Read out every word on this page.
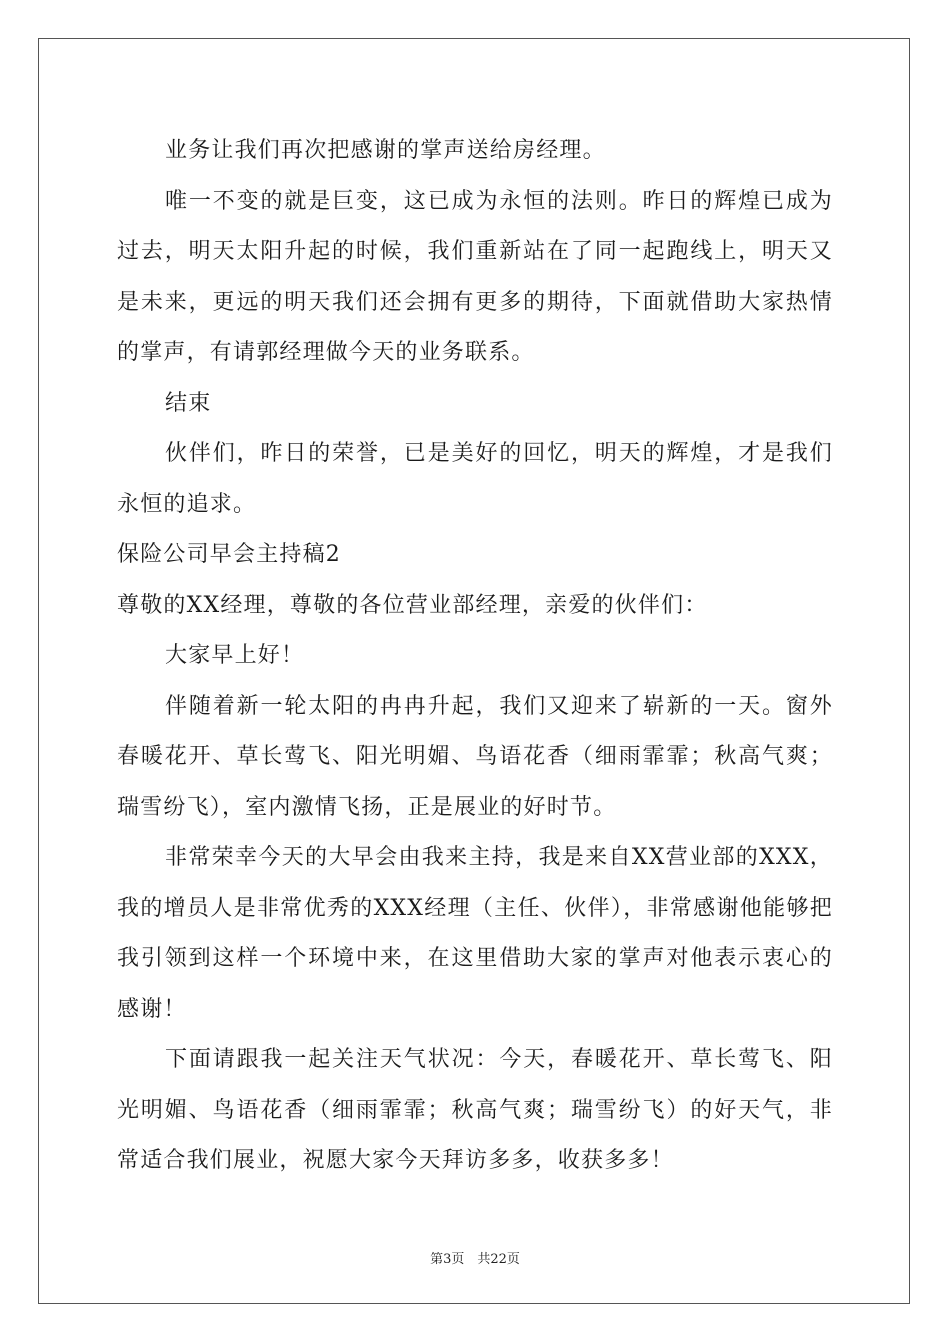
业务让我们再次把感谢的掌声送给房经理。

唯一不变的就是巨变，这已成为永恒的法则。昨日的辉煌已成为过去，明天太阳升起的时候，我们重新站在了同一起跑线上，明天又是未来，更远的明天我们还会拥有更多的期待，下面就借助大家热情的掌声，有请郭经理做今天的业务联系。

结束

伙伴们，昨日的荣誉，已是美好的回忆，明天的辉煌，才是我们永恒的追求。

保险公司早会主持稿2

尊敬的XX经理，尊敬的各位营业部经理，亲爱的伙伴们：

大家早上好！

伴随着新一轮太阳的冉冉升起，我们又迎来了崭新的一天。窗外春暖花开、草长莺飞、阳光明媚、鸟语花香（细雨霏霏；秋高气爽；瑞雪纷飞），室内激情飞扬，正是展业的好时节。

非常荣幸今天的大早会由我来主持，我是来自XX营业部的XXX，我的增员人是非常优秀的XXX经理（主任、伙伴），非常感谢他能够把我引领到这样一个环境中来，在这里借助大家的掌声对他表示衷心的感谢！

下面请跟我一起关注天气状况：今天，春暖花开、草长莺飞、阳光明媚、鸟语花香（细雨霏霏；秋高气爽；瑞雪纷飞）的好天气，非常适合我们展业，祝愿大家今天拜访多多，收获多多！

第3页　共22页
